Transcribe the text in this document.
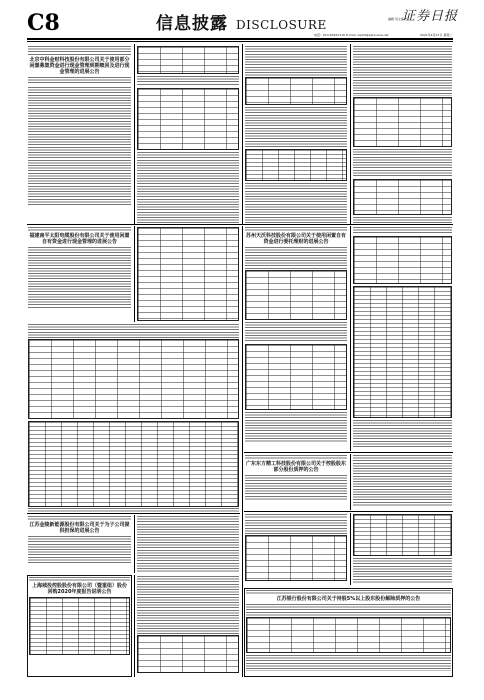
C8	信息披露 DISCLOSURE	编辑 吴主编
证券日报
电话：010-83251716 E-mail: zqrb9@zqrb.sina.net	2021年4月27日 星期二
北京中科金财科技股份有限公司关于使用部分闲置募集资金进行现金管理到期赎回及进行现金管理的进展公告
福建南平太阳电缆股份有限公司关于使用闲置自有资金进行现金管理的进展公告
江苏金陵新能源股份有限公司关于为子公司提供担保的进展公告
上海城投控股股份有限公司（暨重组）股份回购2020年度报告说明公告
苏州天沃科技股份有限公司关于使用闲置自有资金进行委托理财的进展公告
广东东方精工科技股份有限公司关于控股股东部分股份质押的公告
江苏银行股份有限公司关于持股5%以上股东股份解除质押的公告
